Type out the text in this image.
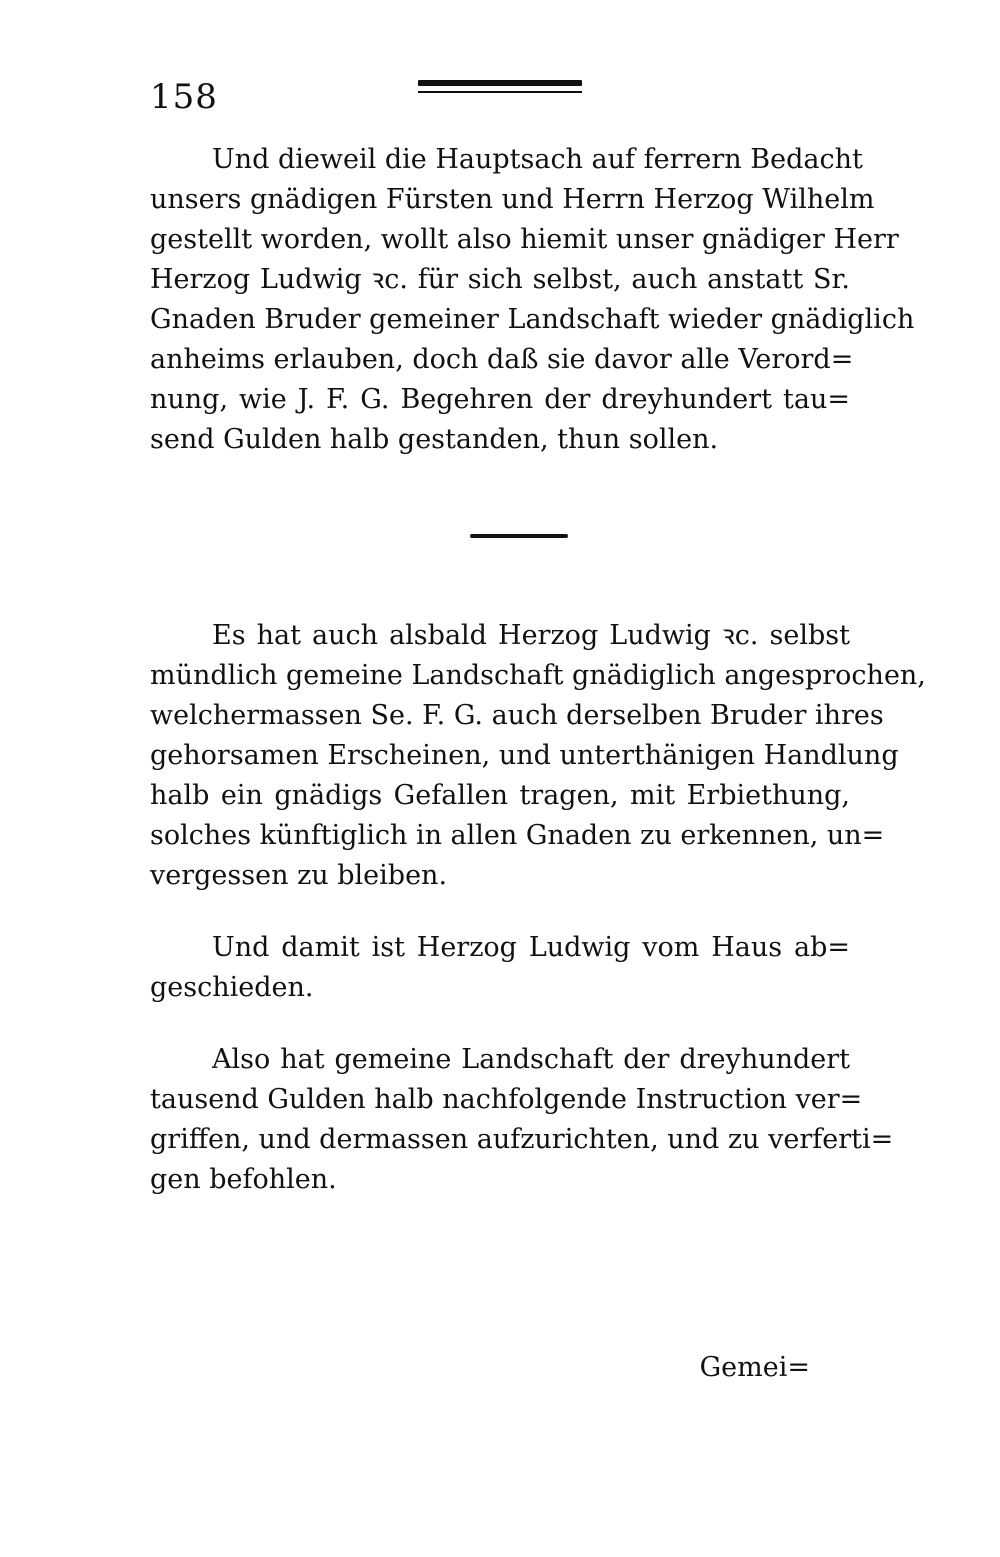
158
Und dieweil die Hauptsach auf ferrern Bedacht
unsers gnädigen Fürsten und Herrn Herzog Wilhelm
gestellt worden, wollt also hiemit unser gnädiger Herr
Herzog Ludwig ꝛc. für sich selbst, auch anstatt Sr.
Gnaden Bruder gemeiner Landschaft wieder gnädiglich
anheims erlauben, doch daß sie davor alle Verord=
nung, wie J. F. G. Begehren der dreyhundert tau=
send Gulden halb gestanden, thun sollen.
Es hat auch alsbald Herzog Ludwig ꝛc. selbst
mündlich gemeine Landschaft gnädiglich angesprochen,
welchermassen Se. F. G. auch derselben Bruder ihres
gehorsamen Erscheinen, und unterthänigen Handlung
halb ein gnädigs Gefallen tragen, mit Erbiethung,
solches künftiglich in allen Gnaden zu erkennen, un=
vergessen zu bleiben.
Und damit ist Herzog Ludwig vom Haus ab=
geschieden.
Also hat gemeine Landschaft der dreyhundert
tausend Gulden halb nachfolgende Instruction ver=
griffen, und dermassen aufzurichten, und zu verferti=
gen befohlen.
Gemei=
